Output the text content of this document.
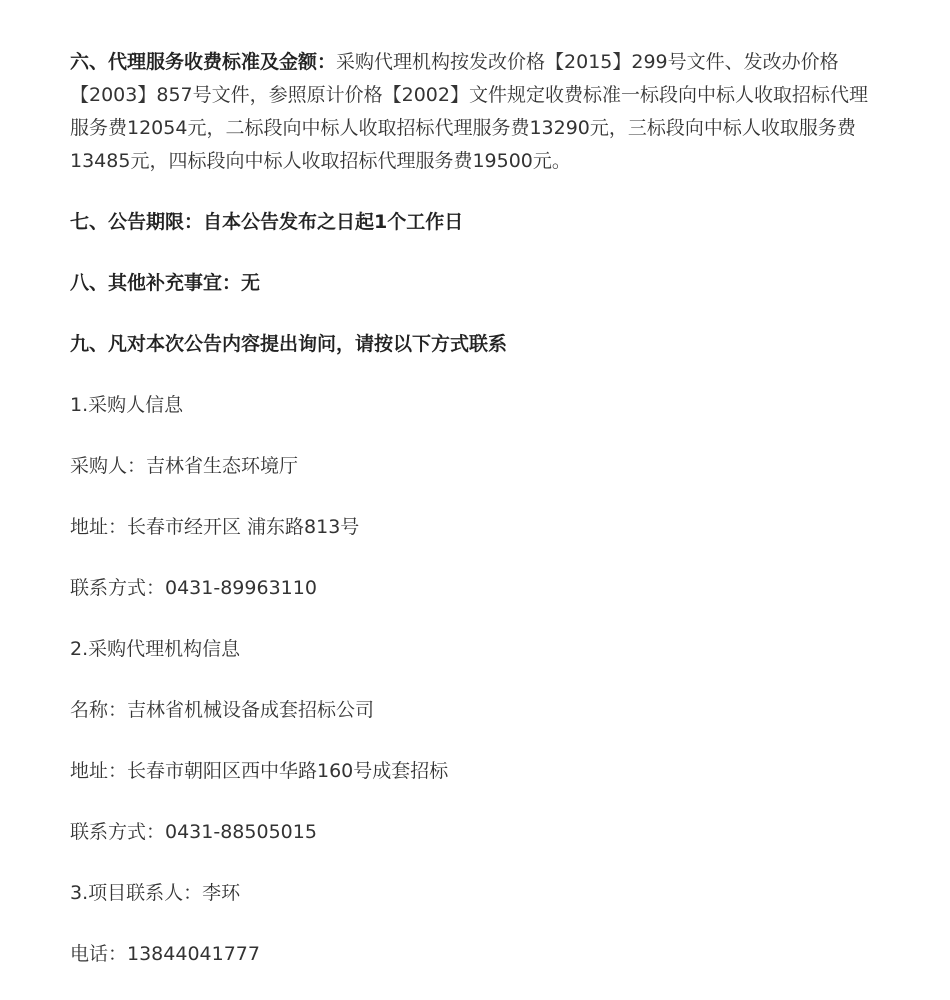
六、代理服务收费标准及金额：采购代理机构按发改价格【2015】299号文件、发改办价格【2003】857号文件，参照原计价格【2002】文件规定收费标准一标段向中标人收取招标代理服务费12054元，二标段向中标人收取招标代理服务费13290元，三标段向中标人收取服务费13485元，四标段向中标人收取招标代理服务费19500元。

七、公告期限：自本公告发布之日起1个工作日

八、其他补充事宜：无

九、凡对本次公告内容提出询问，请按以下方式联系

1.采购人信息

采购人：吉林省生态环境厅

地址：长春市经开区 浦东路813号

联系方式：0431-89963110

2.采购代理机构信息

名称：吉林省机械设备成套招标公司

地址：长春市朝阳区西中华路160号成套招标

联系方式：0431-88505015

3.项目联系人：李环

电话：13844041777
